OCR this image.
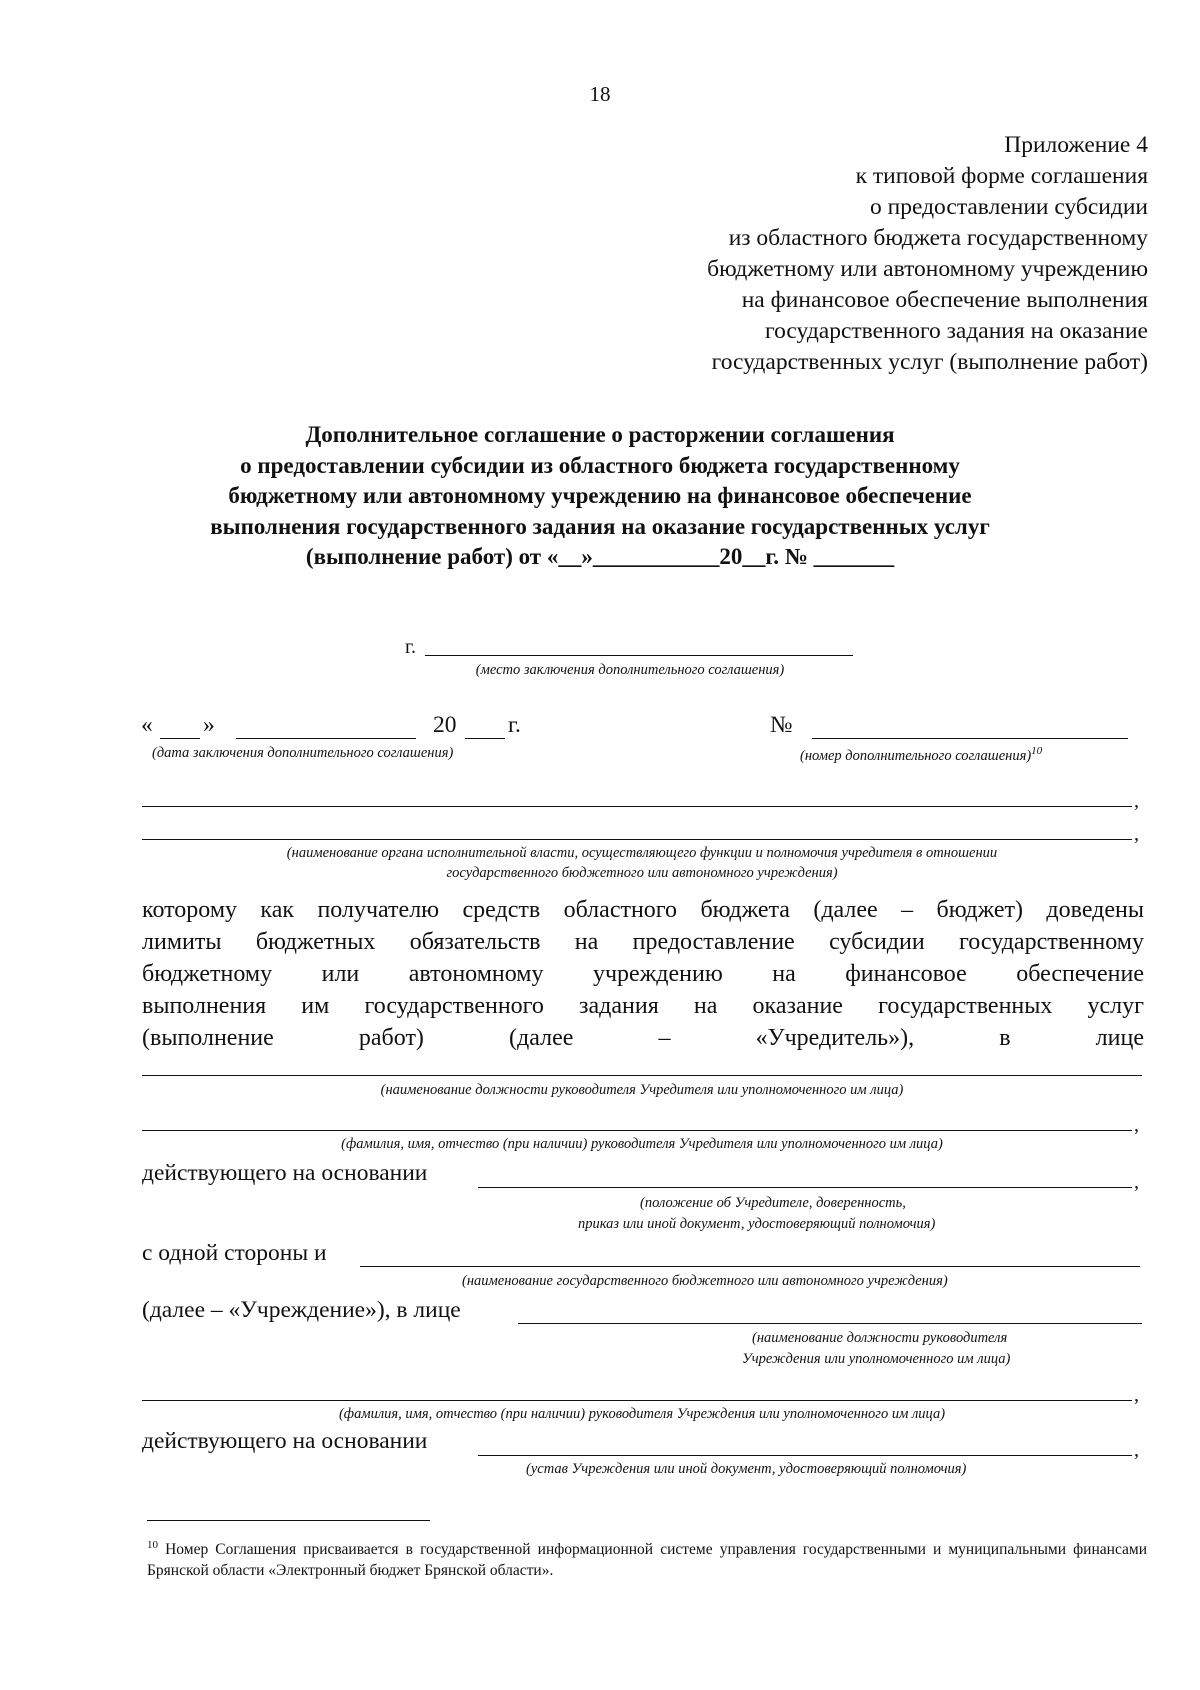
18
Приложение 4
к типовой форме соглашения
о предоставлении субсидии
из областного бюджета государственному
бюджетному или автономному учреждению
на финансовое обеспечение выполнения
государственного задания на оказание
государственных услуг (выполнение работ)
Дополнительное соглашение о расторжении соглашения
о предоставлении субсидии из областного бюджета государственному
бюджетному или автономному учреждению на финансовое обеспечение
выполнения государственного задания на оказание государственных услуг
(выполнение работ) от «__»___________20__г. № _______
г.
(место заключения дополнительного соглашения)
« »	20 г.
(дата заключения дополнительного соглашения)
№
(номер дополнительного соглашения)$^{10}$
,
,
(наименование органа исполнительной власти, осуществляющего функции и полномочия учредителя в отношении
государственного бюджетного или автономного учреждения)
которому как получателю средств областного бюджета (далее – бюджет) доведены
лимиты бюджетных обязательств на предоставление субсидии государственному
бюджетному или автономному учреждению на финансовое обеспечение
выполнения им государственного задания на оказание государственных услуг
(выполнение работ) (далее – «Учредитель»), в лице
(наименование должности руководителя Учредителя или уполномоченного им лица)
,
(фамилия, имя, отчество (при наличии) руководителя Учредителя или уполномоченного им лица)
действующего на основании	,
(положение об Учредителе, доверенность,
приказ или иной документ, удостоверяющий полномочия)
с одной стороны и
(наименование государственного бюджетного или автономного учреждения)
(далее – «Учреждение»), в лице
(наименование должности руководителя
Учреждения или уполномоченного им лица)
,
(фамилия, имя, отчество (при наличии) руководителя Учреждения или уполномоченного им лица)
действующего на основании	,
(устав Учреждения или иной документ, удостоверяющий полномочия)
$^{10}$ Номер Соглашения присваивается в государственной информационной системе управления государственными и муниципальными финансами Брянской области «Электронный бюджет Брянской области».
